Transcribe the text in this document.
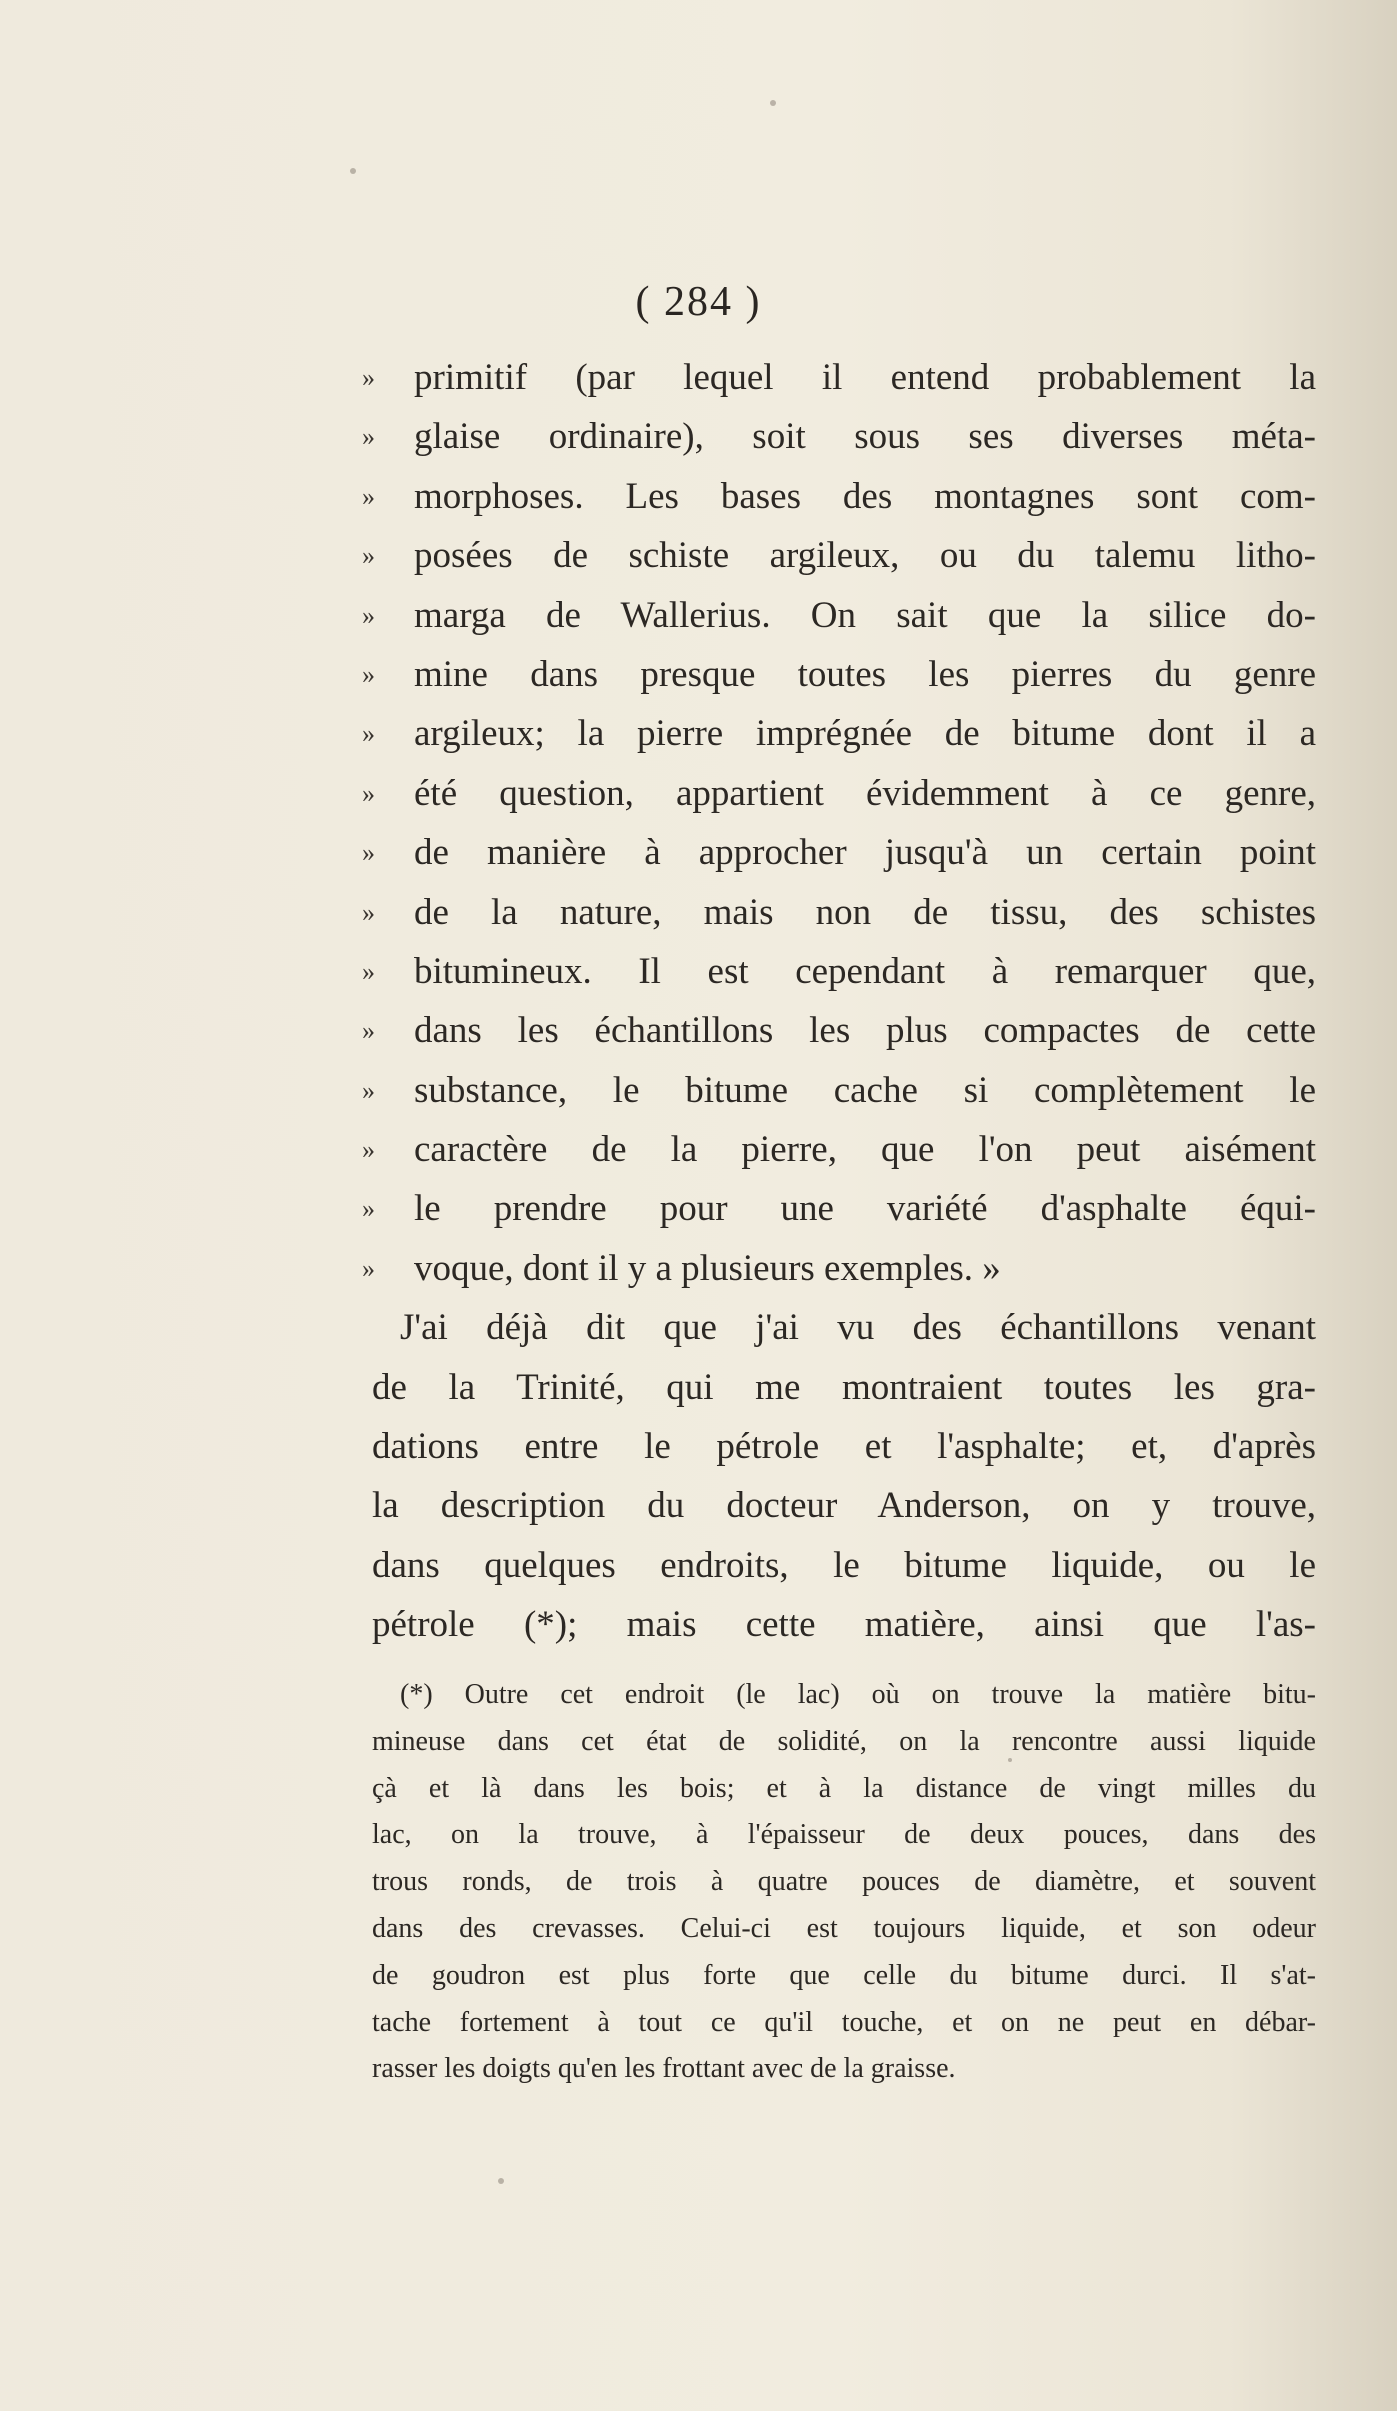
( 284 )
» primitif (par lequel il entend probablement la
» glaise ordinaire), soit sous ses diverses méta-
» morphoses. Les bases des montagnes sont com-
» posées de schiste argileux, ou du talemu litho-
» marga de Wallerius. On sait que la silice do-
» mine dans presque toutes les pierres du genre
» argileux; la pierre imprégnée de bitume dont il a
» été question, appartient évidemment à ce genre,
» de manière à approcher jusqu'à un certain point
» de la nature, mais non de tissu, des schistes
» bitumineux. Il est cependant à remarquer que,
» dans les échantillons les plus compactes de cette
» substance, le bitume cache si complètement le
» caractère de la pierre, que l'on peut aisément
» le prendre pour une variété d'asphalte équi-
» voque, dont il y a plusieurs exemples. »
J'ai déjà dit que j'ai vu des échantillons venant
de la Trinité, qui me montraient toutes les gra-
dations entre le pétrole et l'asphalte; et, d'après
la description du docteur Anderson, on y trouve,
dans quelques endroits, le bitume liquide, ou le
pétrole (*); mais cette matière, ainsi que l'as-
(*) Outre cet endroit (le lac) où on trouve la matière bitu-
mineuse dans cet état de solidité, on la rencontre aussi liquide
çà et là dans les bois; et à la distance de vingt milles du
lac, on la trouve, à l'épaisseur de deux pouces, dans des
trous ronds, de trois à quatre pouces de diamètre, et souvent
dans des crevasses. Celui-ci est toujours liquide, et son odeur
de goudron est plus forte que celle du bitume durci. Il s'at-
tache fortement à tout ce qu'il touche, et on ne peut en débar-
rasser les doigts qu'en les frottant avec de la graisse.
